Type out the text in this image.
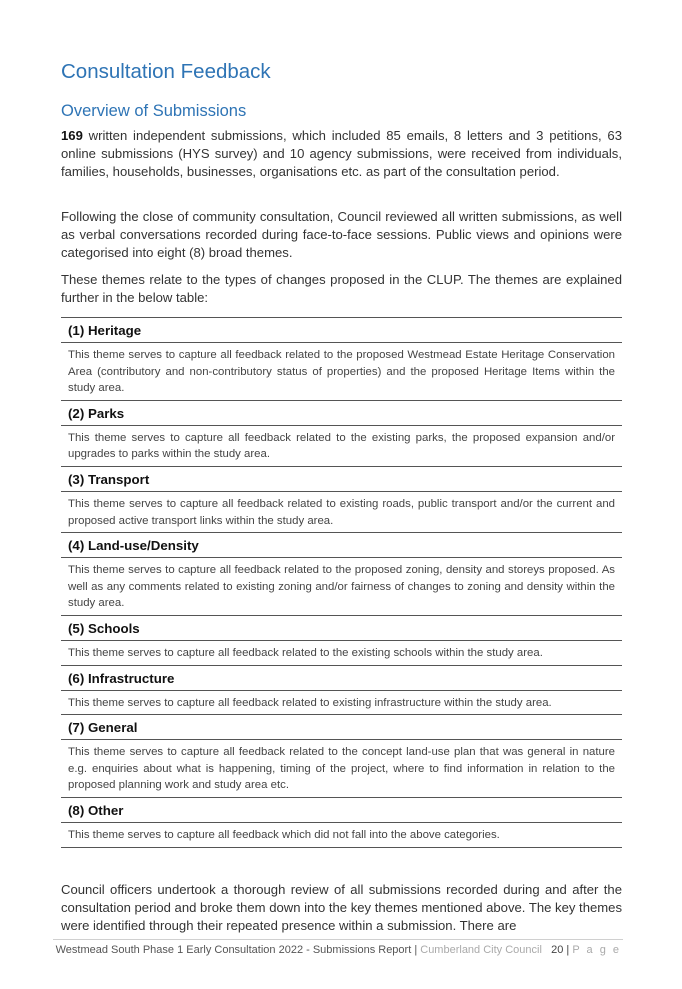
Consultation Feedback
Overview of Submissions

169 written independent submissions, which included 85 emails, 8 letters and 3 petitions, 63 online submissions (HYS survey) and 10 agency submissions, were received from individuals, families, households, businesses, organisations etc. as part of the consultation period.

Following the close of community consultation, Council reviewed all written submissions, as well as verbal conversations recorded during face-to-face sessions. Public views and opinions were categorised into eight (8) broad themes.

These themes relate to the types of changes proposed in the CLUP. The themes are explained further in the below table:

(1) Heritage
This theme serves to capture all feedback related to the proposed Westmead Estate Heritage Conservation Area (contributory and non-contributory status of properties) and the proposed Heritage Items within the study area.
(2) Parks
This theme serves to capture all feedback related to the existing parks, the proposed expansion and/or upgrades to parks within the study area.
(3) Transport
This theme serves to capture all feedback related to existing roads, public transport and/or the current and proposed active transport links within the study area.
(4) Land-use/Density
This theme serves to capture all feedback related to the proposed zoning, density and storeys proposed. As well as any comments related to existing zoning and/or fairness of changes to zoning and density within the study area.
(5) Schools
This theme serves to capture all feedback related to the existing schools within the study area.
(6) Infrastructure
This theme serves to capture all feedback related to existing infrastructure within the study area.
(7) General
This theme serves to capture all feedback related to the concept land-use plan that was general in nature e.g. enquiries about what is happening, timing of the project, where to find information in relation to the proposed planning work and study area etc.
(8) Other
This theme serves to capture all feedback which did not fall into the above categories.

Council officers undertook a thorough review of all submissions recorded during and after the consultation period and broke them down into the key themes mentioned above. The key themes were identified through their repeated presence within a submission. There are

Westmead South Phase 1 Early Consultation 2022 - Submissions Report | Cumberland City Council 20 | P a g e
